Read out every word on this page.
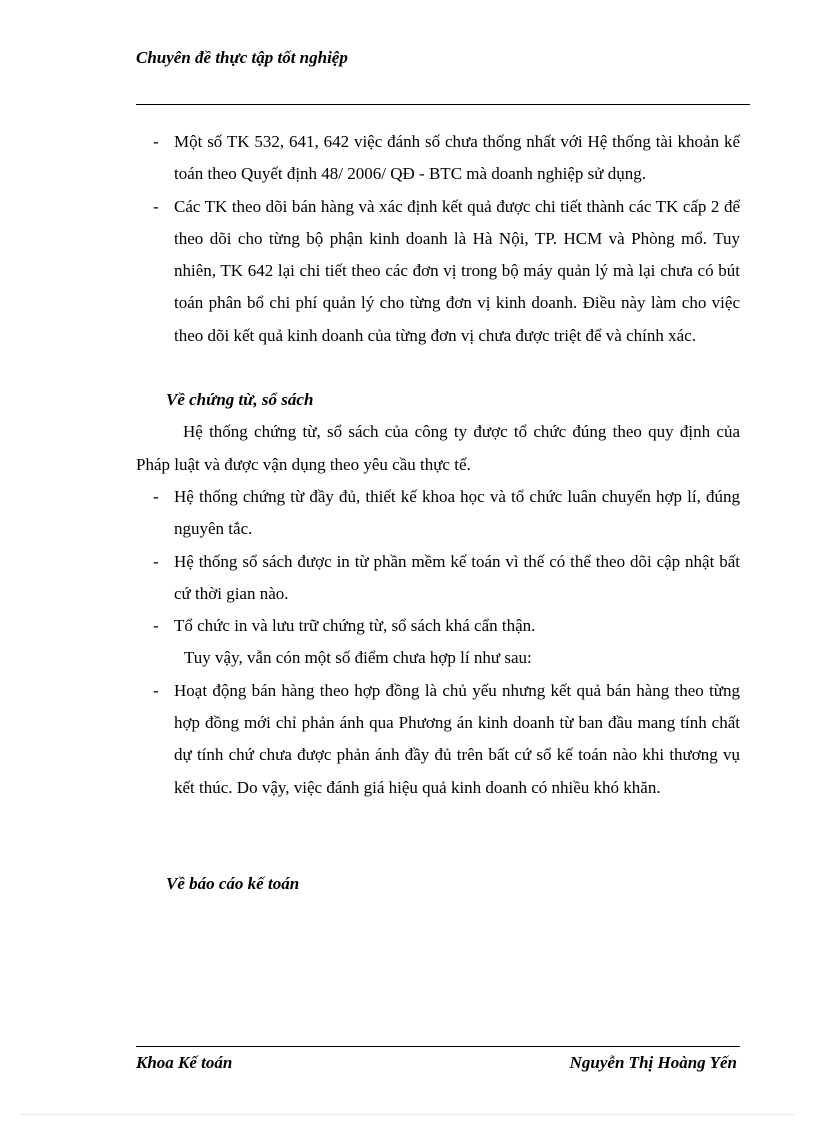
Chuyên đề thực tập tốt nghiệp
- Một số TK 532, 641, 642 việc đánh số chưa thống nhất với Hệ thống tài khoản kế toán theo Quyết định 48/ 2006/ QĐ - BTC mà doanh nghiệp sử dụng.
- Các TK theo dõi bán hàng và xác định kết quả được chi tiết thành các TK cấp 2 để theo dõi cho từng bộ phận kinh doanh là Hà Nội, TP. HCM và Phòng mổ. Tuy nhiên, TK 642 lại chi tiết theo các đơn vị trong bộ máy quản lý mà lại chưa có bút toán phân bổ chi phí quản lý cho từng đơn vị kinh doanh. Điều này làm cho việc theo dõi kết quả kinh doanh của từng đơn vị chưa được triệt để và chính xác.
Về chứng từ, sổ sách
Hệ thống chứng từ, sổ sách của công ty được tổ chức đúng theo quy định của Pháp luật và được vận dụng theo yêu cầu thực tế.
- Hệ thống chứng từ đầy đủ, thiết kế khoa học và tổ chức luân chuyển hợp lí, đúng nguyên tắc.
- Hệ thống sổ sách được in từ phần mềm kế toán vì thế có thể theo dõi cập nhật bất cứ thời gian nào.
- Tổ chức in và lưu trữ chứng từ, sổ sách khá cẩn thận.
Tuy vậy, vẫn cón một số điểm chưa hợp lí như sau:
- Hoạt động bán hàng theo hợp đồng là chủ yếu nhưng kết quả bán hàng theo từng hợp đồng mới chỉ phản ánh qua Phương án kinh doanh từ ban đầu mang tính chất dự tính chứ chưa được phản ánh đầy đủ trên bất cứ sổ kế toán nào khi thương vụ kết thúc. Do vậy, việc đánh giá hiệu quả kinh doanh có nhiều khó khăn.
Về báo cáo kế toán
Khoa Kế toán	Nguyễn Thị Hoàng Yến
